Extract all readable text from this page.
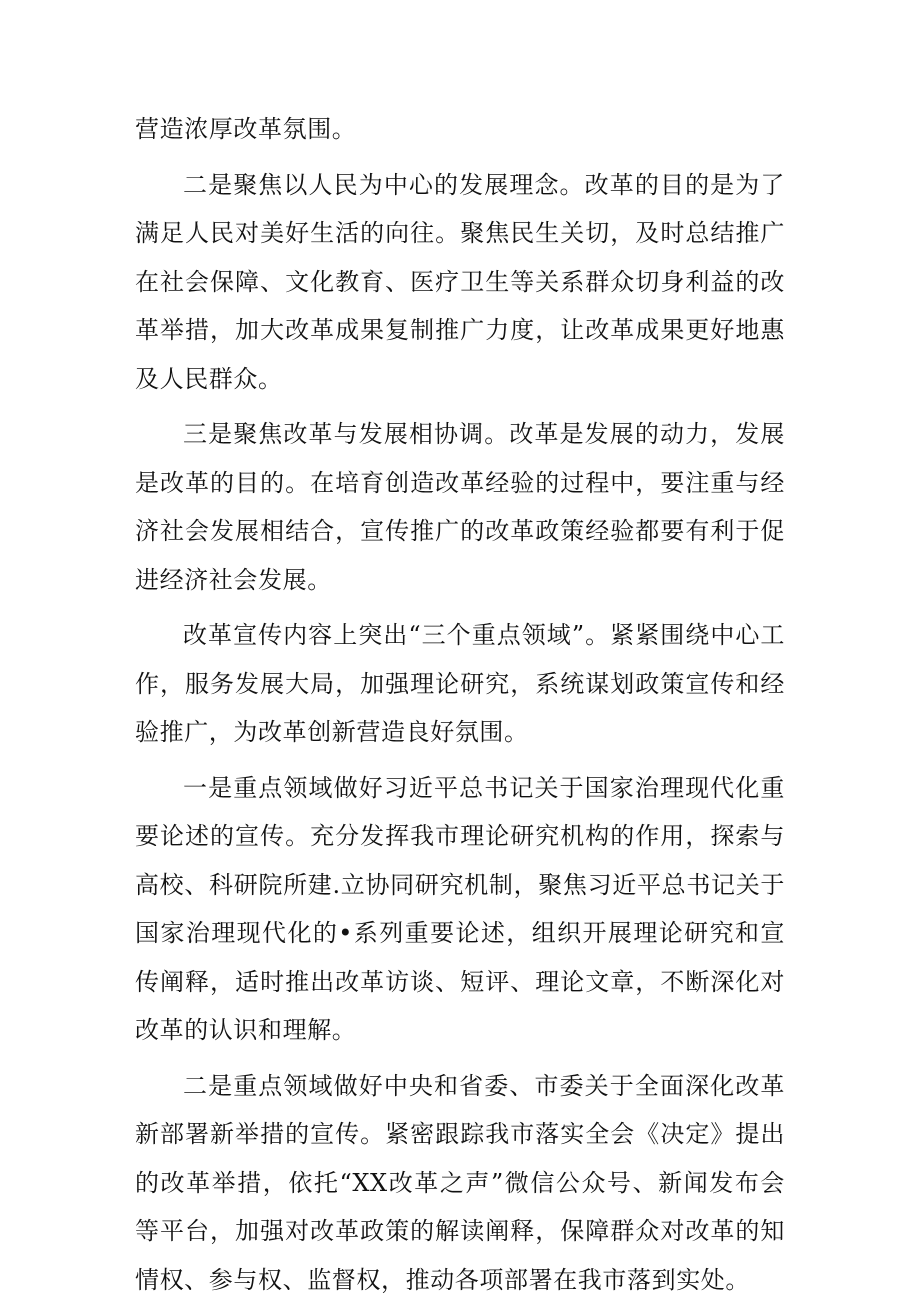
营造浓厚改革氛围。

二是聚焦以人民为中心的发展理念。改革的目的是为了满足人民对美好生活的向往。聚焦民生关切，及时总结推广在社会保障、文化教育、医疗卫生等关系群众切身利益的改革举措，加大改革成果复制推广力度，让改革成果更好地惠及人民群众。

三是聚焦改革与发展相协调。改革是发展的动力，发展是改革的目的。在培育创造改革经验的过程中，要注重与经济社会发展相结合，宣传推广的改革政策经验都要有利于促进经济社会发展。

改革宣传内容上突出“三个重点领域”。紧紧围绕中心工作，服务发展大局，加强理论研究，系统谋划政策宣传和经验推广，为改革创新营造良好氛围。

一是重点领域做好习近平总书记关于国家治理现代化重要论述的宣传。充分发挥我市理论研究机构的作用，探索与高校、科研院所建.立协同研究机制，聚焦习近平总书记关于国家治理现代化的•系列重要论述，组织开展理论研究和宣传阐释，适时推出改革访谈、短评、理论文章，不断深化对改革的认识和理解。

二是重点领域做好中央和省委、市委关于全面深化改革新部署新举措的宣传。紧密跟踪我市落实全会《决定》提出的改革举措，依托“XX改革之声”微信公众号、新闻发布会等平台，加强对改革政策的解读阐释，保障群众对改革的知情权、参与权、监督权，推动各项部署在我市落到实处。
